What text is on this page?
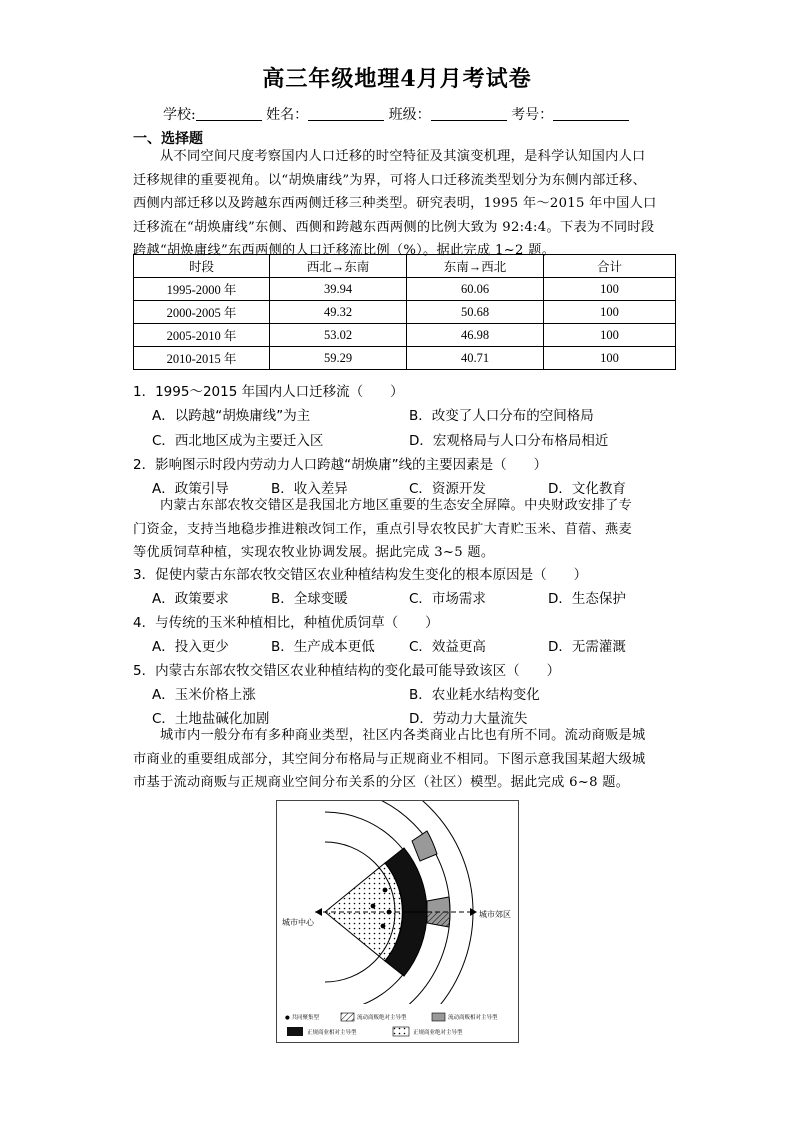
高三年级地理4月月考试卷
学校:	姓名：	班级：	考号：
一、选择题
从不同空间尺度考察国内人口迁移的时空特征及其演变机理，是科学认知国内人口
迁移规律的重要视角。以“胡焕庸线”为界，可将人口迁移流类型划分为东侧内部迁移、
西侧内部迁移以及跨越东西两侧迁移三种类型。研究表明，1995 年～2015 年中国人口
迁移流在“胡焕庸线”东侧、西侧和跨越东西两侧的比例大致为 92:4:4。下表为不同时段
跨越“胡焕庸线”东西两侧的人口迁移流比例（%）。据此完成 1~2 题。
时段	西北→东南	东南→西北	合计
1995-2000 年	39.94	60.06	100
2000-2005 年	49.32	50.68	100
2005-2010 年	53.02	46.98	100
2010-2015 年	59.29	40.71	100
1．1995～2015 年国内人口迁移流（　　）
A．以跨越“胡焕庸线”为主	B．改变了人口分布的空间格局
C．西北地区成为主要迁入区	D．宏观格局与人口分布格局相近
2．影响图示时段内劳动力人口跨越“胡焕庸”线的主要因素是（　　）
A．政策引导	B．收入差异	C．资源开发	D．文化教育
内蒙古东部农牧交错区是我国北方地区重要的生态安全屏障。中央财政安排了专
门资金，支持当地稳步推进粮改饲工作，重点引导农牧民扩大青贮玉米、苜蓿、燕麦
等优质饲草种植，实现农牧业协调发展。据此完成 3~5 题。
3．促使内蒙古东部农牧交错区农业种植结构发生变化的根本原因是（　　）
A．政策要求	B．全球变暖	C．市场需求	D．生态保护
4．与传统的玉米种植相比，种植优质饲草（　　）
A．投入更少	B．生产成本更低	C．效益更高	D．无需灌溉
5．内蒙古东部农牧交错区农业种植结构的变化最可能导致该区（　　）
A．玉米价格上涨	B．农业耗水结构变化
C．土地盐碱化加剧	D．劳动力大量流失
城市内一般分布有多种商业类型，社区内各类商业占比也有所不同。流动商贩是城
市商业的重要组成部分，其空间分布格局与正规商业不相同。下图示意我国某超大级城
市基于流动商贩与正规商业空间分布关系的分区（社区）模型。据此完成 6~8 题。
城市中心
城市郊区
● 共同聚集型	流动商贩绝对主导型	流动商贩相对主导型
正规商业相对主导型	正规商业绝对主导型
